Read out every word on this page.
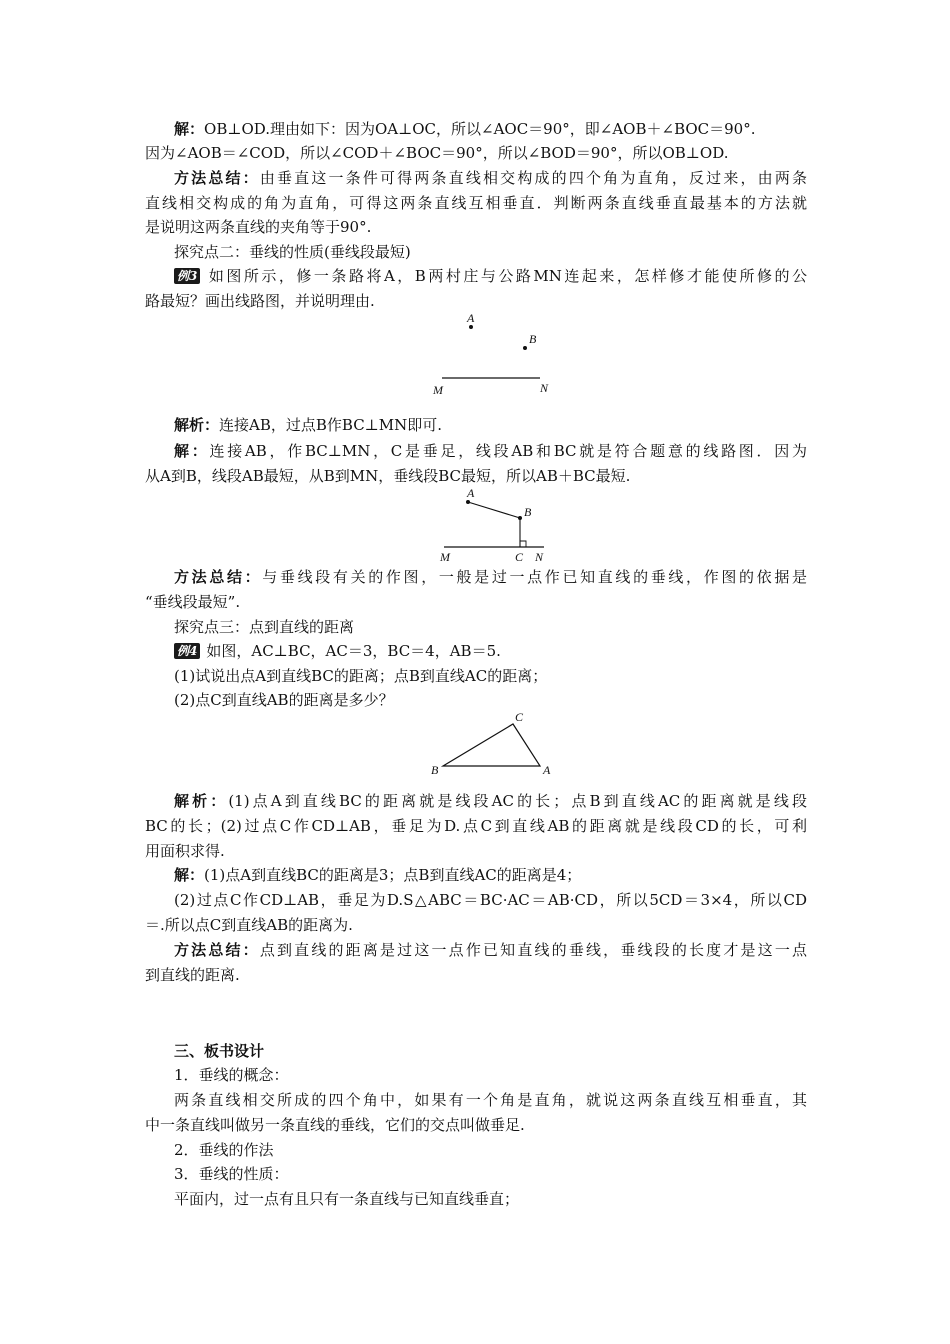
解：OB⊥OD.理由如下：因为OA⊥OC，所以∠AOC＝90°，即∠AOB＋∠BOC＝90°.
因为∠AOB＝∠COD，所以∠COD＋∠BOC＝90°，所以∠BOD＝90°，所以OB⊥OD.
方法总结：由垂直这一条件可得两条直线相交构成的四个角为直角，反过来，由两条
直线相交构成的角为直角，可得这两条直线互相垂直．判断两条直线垂直最基本的方法就
是说明这两条直线的夹角等于90°.
探究点二：垂线的性质(垂线段最短)
例3 如图所示，修一条路将A，B两村庄与公路MN连起来，怎样修才能使所修的公
路最短？画出线路图，并说明理由.
A
B
M	N
解析：连接AB，过点B作BC⊥MN即可.
解：连接AB，作BC⊥MN，C是垂足，线段AB和BC就是符合题意的线路图．因为
从A到B，线段AB最短，从B到MN，垂线段BC最短，所以AB＋BC最短.
A
B
M	C N
方法总结：与垂线段有关的作图，一般是过一点作已知直线的垂线，作图的依据是
“垂线段最短”.
探究点三：点到直线的距离
例4 如图，AC⊥BC，AC＝3，BC＝4，AB＝5.
(1)试说出点A到直线BC的距离；点B到直线AC的距离；
(2)点C到直线AB的距离是多少？
C
B	A
解析：(1)点A到直线BC的距离就是线段AC的长；点B到直线AC的距离就是线段
BC的长；(2)过点C作CD⊥AB，垂足为D.点C到直线AB的距离就是线段CD的长，可利
用面积求得.
解：(1)点A到直线BC的距离是3；点B到直线AC的距离是4；
(2)过点C作CD⊥AB，垂足为D.S△ABC＝BC·AC＝AB·CD，所以5CD＝3×4，所以CD
＝.所以点C到直线AB的距离为.
方法总结：点到直线的距离是过这一点作已知直线的垂线，垂线段的长度才是这一点
到直线的距离.
三、板书设计
1．垂线的概念：
两条直线相交所成的四个角中，如果有一个角是直角，就说这两条直线互相垂直，其
中一条直线叫做另一条直线的垂线，它们的交点叫做垂足.
2．垂线的作法
3．垂线的性质：
平面内，过一点有且只有一条直线与已知直线垂直；
